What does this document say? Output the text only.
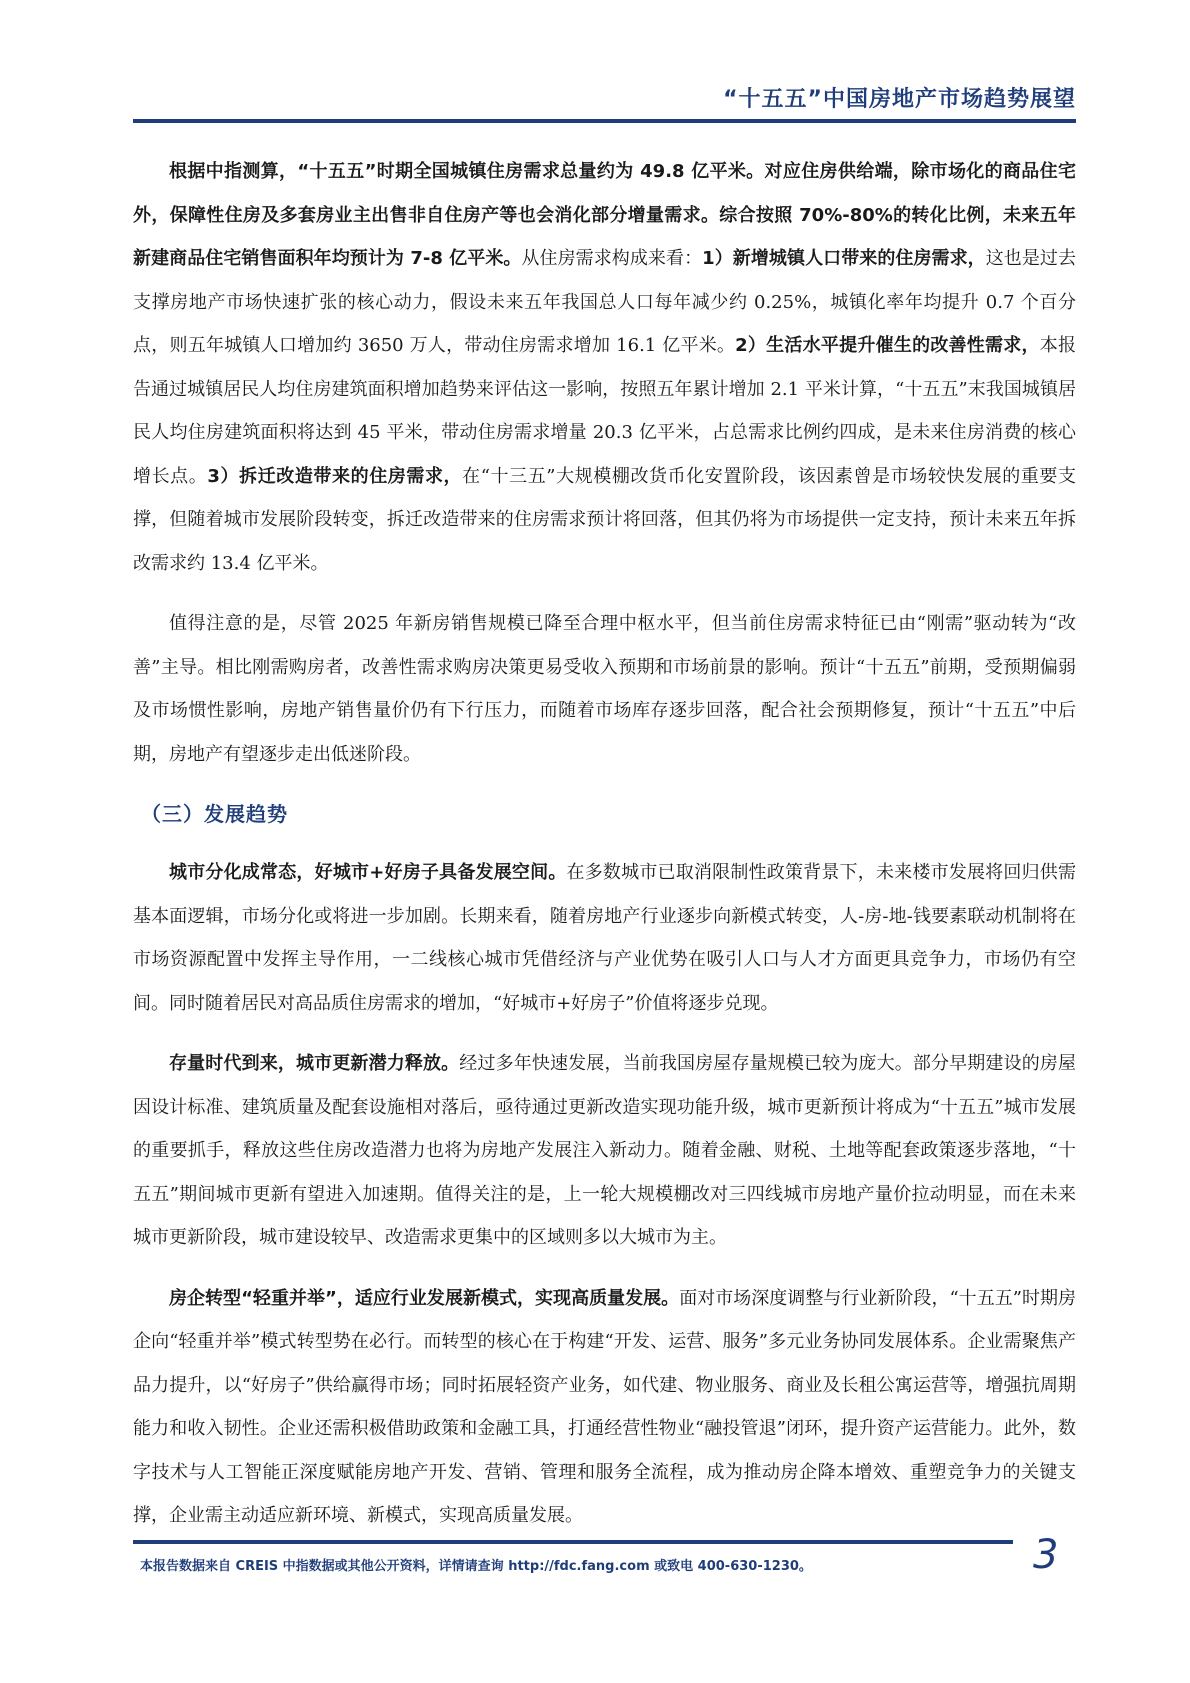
“十五五”中国房地产市场趋势展望

根据中指测算，“十五五”时期全国城镇住房需求总量约为 49.8 亿平米。对应住房供给端，除市场化的商品住宅外，保障性住房及多套房业主出售非自住房产等也会消化部分增量需求。综合按照 70%-80%的转化比例，未来五年新建商品住宅销售面积年均预计为 7-8 亿平米。从住房需求构成来看：1）新增城镇人口带来的住房需求，这也是过去支撑房地产市场快速扩张的核心动力，假设未来五年我国总人口每年减少约 0.25%，城镇化率年均提升 0.7 个百分点，则五年城镇人口增加约 3650 万人，带动住房需求增加 16.1 亿平米。2）生活水平提升催生的改善性需求，本报告通过城镇居民人均住房建筑面积增加趋势来评估这一影响，按照五年累计增加 2.1 平米计算，“十五五”末我国城镇居民人均住房建筑面积将达到 45 平米，带动住房需求增量 20.3 亿平米，占总需求比例约四成，是未来住房消费的核心增长点。3）拆迁改造带来的住房需求，在“十三五”大规模棚改货币化安置阶段，该因素曾是市场较快发展的重要支撑，但随着城市发展阶段转变，拆迁改造带来的住房需求预计将回落，但其仍将为市场提供一定支持，预计未来五年拆改需求约 13.4 亿平米。

值得注意的是，尽管 2025 年新房销售规模已降至合理中枢水平，但当前住房需求特征已由“刚需”驱动转为“改善”主导。相比刚需购房者，改善性需求购房决策更易受收入预期和市场前景的影响。预计“十五五”前期，受预期偏弱及市场惯性影响，房地产销售量价仍有下行压力，而随着市场库存逐步回落，配合社会预期修复，预计“十五五”中后期，房地产有望逐步走出低迷阶段。

（三）发展趋势

城市分化成常态，好城市+好房子具备发展空间。在多数城市已取消限制性政策背景下，未来楼市发展将回归供需基本面逻辑，市场分化或将进一步加剧。长期来看，随着房地产行业逐步向新模式转变，人-房-地-钱要素联动机制将在市场资源配置中发挥主导作用，一二线核心城市凭借经济与产业优势在吸引人口与人才方面更具竞争力，市场仍有空间。同时随着居民对高品质住房需求的增加，“好城市+好房子”价值将逐步兑现。

存量时代到来，城市更新潜力释放。经过多年快速发展，当前我国房屋存量规模已较为庞大。部分早期建设的房屋因设计标准、建筑质量及配套设施相对落后，亟待通过更新改造实现功能升级，城市更新预计将成为“十五五”城市发展的重要抓手，释放这些住房改造潜力也将为房地产发展注入新动力。随着金融、财税、土地等配套政策逐步落地，“十五五”期间城市更新有望进入加速期。值得关注的是，上一轮大规模棚改对三四线城市房地产量价拉动明显，而在未来城市更新阶段，城市建设较早、改造需求更集中的区域则多以大城市为主。

房企转型“轻重并举”，适应行业发展新模式，实现高质量发展。面对市场深度调整与行业新阶段，“十五五”时期房企向“轻重并举”模式转型势在必行。而转型的核心在于构建“开发、运营、服务”多元业务协同发展体系。企业需聚焦产品力提升，以“好房子”供给赢得市场；同时拓展轻资产业务，如代建、物业服务、商业及长租公寓运营等，增强抗周期能力和收入韧性。企业还需积极借助政策和金融工具，打通经营性物业“融投管退”闭环，提升资产运营能力。此外，数字技术与人工智能正深度赋能房地产开发、营销、管理和服务全流程，成为推动房企降本增效、重塑竞争力的关键支撑，企业需主动适应新环境、新模式，实现高质量发展。

本报告数据来自 CREIS 中指数据或其他公开资料，详情请查询 http://fdc.fang.com 或致电 400-630-1230。	3
